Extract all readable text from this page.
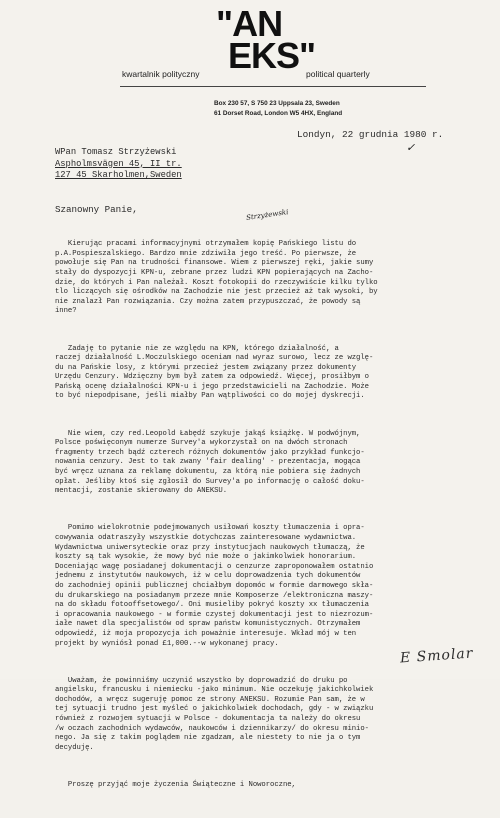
"AN
EKS"
kwartalnik polityczny	political quarterly
Box 230 57, S 750 23 Uppsala 23, Sweden
61 Dorset Road, London W5 4HX, England
Londyn, 22 grudnia 1980 r.
✓
WPan Tomasz Strzyżewski
Aspholmsvägen 45, II tr.
127 45 Skarholmen,Sweden
Szanowny Panie,	Strzyżewski

Kierując pracami informacyjnymi otrzymałem kopię Pańskiego listu do
p.A.Pospieszalskiego. Bardzo mnie zdziwiła jego treść. Po pierwsze, że
powołuje się Pan na trudności finansowe. Wiem z pierwszej ręki, jakie sumy
stały do dyspozycji KPN-u, zebrane przez ludzi KPN popierających na Zacho-
dzie, do których i Pan należał. Koszt fotokopii do rzeczywiście kilku tylko
tlo liczących się ośrodków na Zachodzie nie jest przecież aż tak wysoki, by
nie znalazł Pan rozwiązania. Czy można zatem przypuszczać, że powody są
inne?

Zadaję to pytanie nie ze względu na KPN, którego działalność, a
raczej działalność L.Moczulskiego oceniam nad wyraz surowo, lecz ze wzglę-
du na Pańskie losy, z którymi przecież jestem związany przez dokumenty
Urzędu Cenzury. Wdzięczny bym był zatem za odpowiedź. Więcej, prosiłbym o
Pańską ocenę działalności KPN-u i jego przedstawicieli na Zachodzie. Może
to być niepodpisane, jeśli miałby Pan wątpliwości co do mojej dyskrecji.

Nie wiem, czy red.Leopold Łabędź szykuje jakąś książkę. W podwójnym,
Polsce poświęconym numerze Survey'a wykorzystał on na dwóch stronach
fragmenty trzech bądź czterech różnych dokumentów jako przykład funkcjo-
nowania cenzury. Jest to tak zwany 'fair dealing' - prezentacja, mogąca
być wręcz uznana za reklamę dokumentu, za którą nie pobiera się żadnych
opłat. Jeśliby ktoś się zgłosił do Survey'a po informację o całość doku-
mentacji, zostanie skierowany do ANEKSU.

Pomimo wielokrotnie podejmowanych usiłowań koszty tłumaczenia i opra-
cowywania odatraszyły wszystkie dotychczas zainteresowane wydawnictwa.
Wydawnictwa uniwersyteckie oraz przy instytucjach naukowych tłumaczą, że
koszty są tak wysokie, że mowy być nie może o jakimkolwiek honorarium.
Doceniając wagę posiadanej dokumentacji o cenzurze zaproponowałem ostatnio
jednemu z instytutów naukowych, iż w celu doprowadzenia tych dokumentów
do zachodniej opinii publicznej chciałbym dopomóc w formie darmowego skła-
du drukarskiego na posiadanym przeze mnie Komposerze /elektroniczna maszy-
na do składu fotooffsetowego/. Oni musieliby pokryć koszty xx tłumaczenia
i opracowania naukowego - w formie czystej dokumentacji jest to niezrozum-
iałe nawet dla specjalistów od spraw państw komunistycznych. Otrzymałem
odpowiedź, iż moja propozycja ich poważnie interesuje. Wkład mój w ten
projekt by wyniósł ponad £1,000.--w wykonanej pracy.

Uważam, że powinniśmy uczynić wszystko by doprowadzić do druku po
angielsku, francusku i niemiecku -jako minimum. Nie oczekuję jakichkolwiek
dochodów, a wręcz sugeruję pomoc ze strony ANEKSU. Rozumie Pan sam, że w
tej sytuacji trudno jest myśleć o jakichkolwiek dochodach, gdy - w związku
również z rozwojem sytuacji w Polsce - dokumentacja ta należy do okresu
/w oczach zachodnich wydawców, naukowców i dziennikarzy/ do okresu minio-
nego. Ja się z takim poglądem nie zgadzam, ale niestety to nie ja o tym
decyduję.

Proszę przyjąć moje życzenia Świąteczne i Noworoczne,

E Smolar
